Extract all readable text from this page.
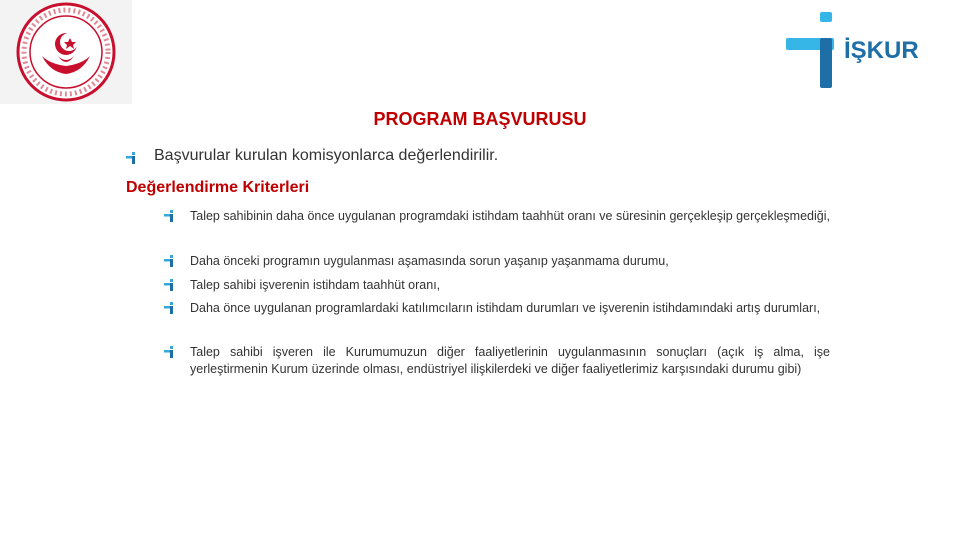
İŞKUR
PROGRAM BAŞVURUSU
Başvurular kurulan komisyonlarca değerlendirilir.
Değerlendirme Kriterleri
Talep sahibinin daha önce uygulanan programdaki istihdam taahhüt oranı ve süresinin gerçekleşip gerçekleşmediği,
Daha önceki programın uygulanması aşamasında sorun yaşanıp yaşanmama durumu,
Talep sahibi işverenin istihdam taahhüt oranı,
Daha önce uygulanan programlardaki katılımcıların istihdam durumları ve işverenin istihdamındaki artış durumları,
Talep sahibi işveren ile Kurumumuzun diğer faaliyetlerinin uygulanmasının sonuçları (açık iş alma, işe yerleştirmenin Kurum üzerinde olması, endüstriyel ilişkilerdeki ve diğer faaliyetlerimiz karşısındaki durumu gibi)
